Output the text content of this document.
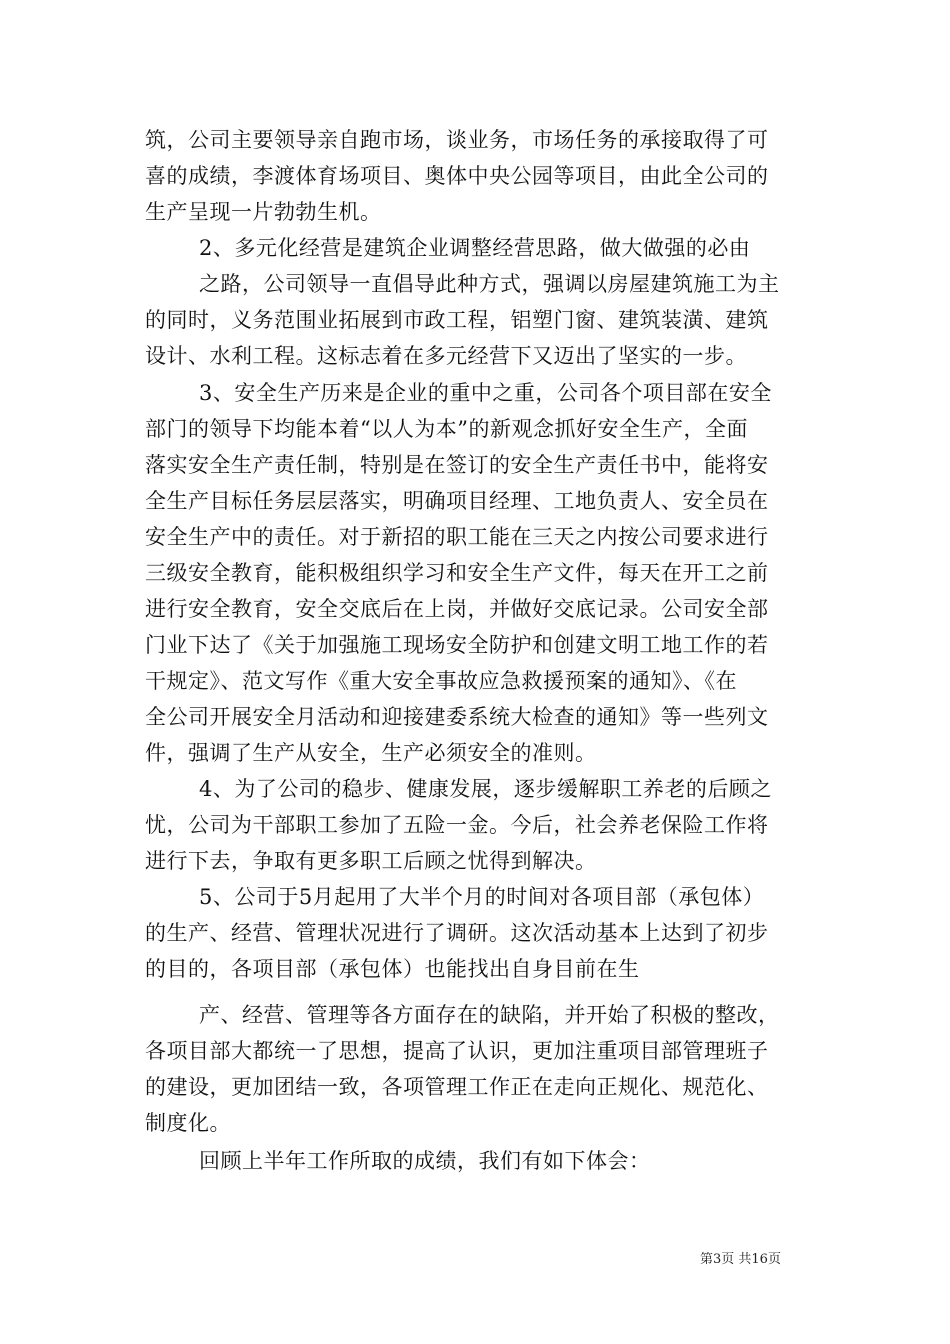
筑，公司主要领导亲自跑市场，谈业务，市场任务的承接取得了可
喜的成绩，李渡体育场项目、奥体中央公园等项目，由此全公司的
生产呈现一片勃勃生机。
2、多元化经营是建筑企业调整经营思路，做大做强的必由
之路，公司领导一直倡导此种方式，强调以房屋建筑施工为主
的同时，义务范围业拓展到市政工程，铝塑门窗、建筑装潢、建筑
设计、水利工程。这标志着在多元经营下又迈出了坚实的一步。
3、安全生产历来是企业的重中之重，公司各个项目部在安全
部门的领导下均能本着“以人为本”的新观念抓好安全生产，全面
落实安全生产责任制，特别是在签订的安全生产责任书中，能将安
全生产目标任务层层落实，明确项目经理、工地负责人、安全员在
安全生产中的责任。对于新招的职工能在三天之内按公司要求进行
三级安全教育，能积极组织学习和安全生产文件，每天在开工之前
进行安全教育，安全交底后在上岗，并做好交底记录。公司安全部
门业下达了《关于加强施工现场安全防护和创建文明工地工作的若
干规定》、范文写作《重大安全事故应急救援预案的通知》、《在
全公司开展安全月活动和迎接建委系统大检查的通知》等一些列文
件，强调了生产从安全，生产必须安全的准则。
4、为了公司的稳步、健康发展，逐步缓解职工养老的后顾之
忧，公司为干部职工参加了五险一金。今后，社会养老保险工作将
进行下去，争取有更多职工后顾之忧得到解决。
5、公司于5月起用了大半个月的时间对各项目部（承包体）
的生产、经营、管理状况进行了调研。这次活动基本上达到了初步
的目的，各项目部（承包体）也能找出自身目前在生
产、经营、管理等各方面存在的缺陷，并开始了积极的整改，
各项目部大都统一了思想，提高了认识，更加注重项目部管理班子
的建设，更加团结一致，各项管理工作正在走向正规化、规范化、
制度化。
回顾上半年工作所取的成绩，我们有如下体会：
第3页 共16页
